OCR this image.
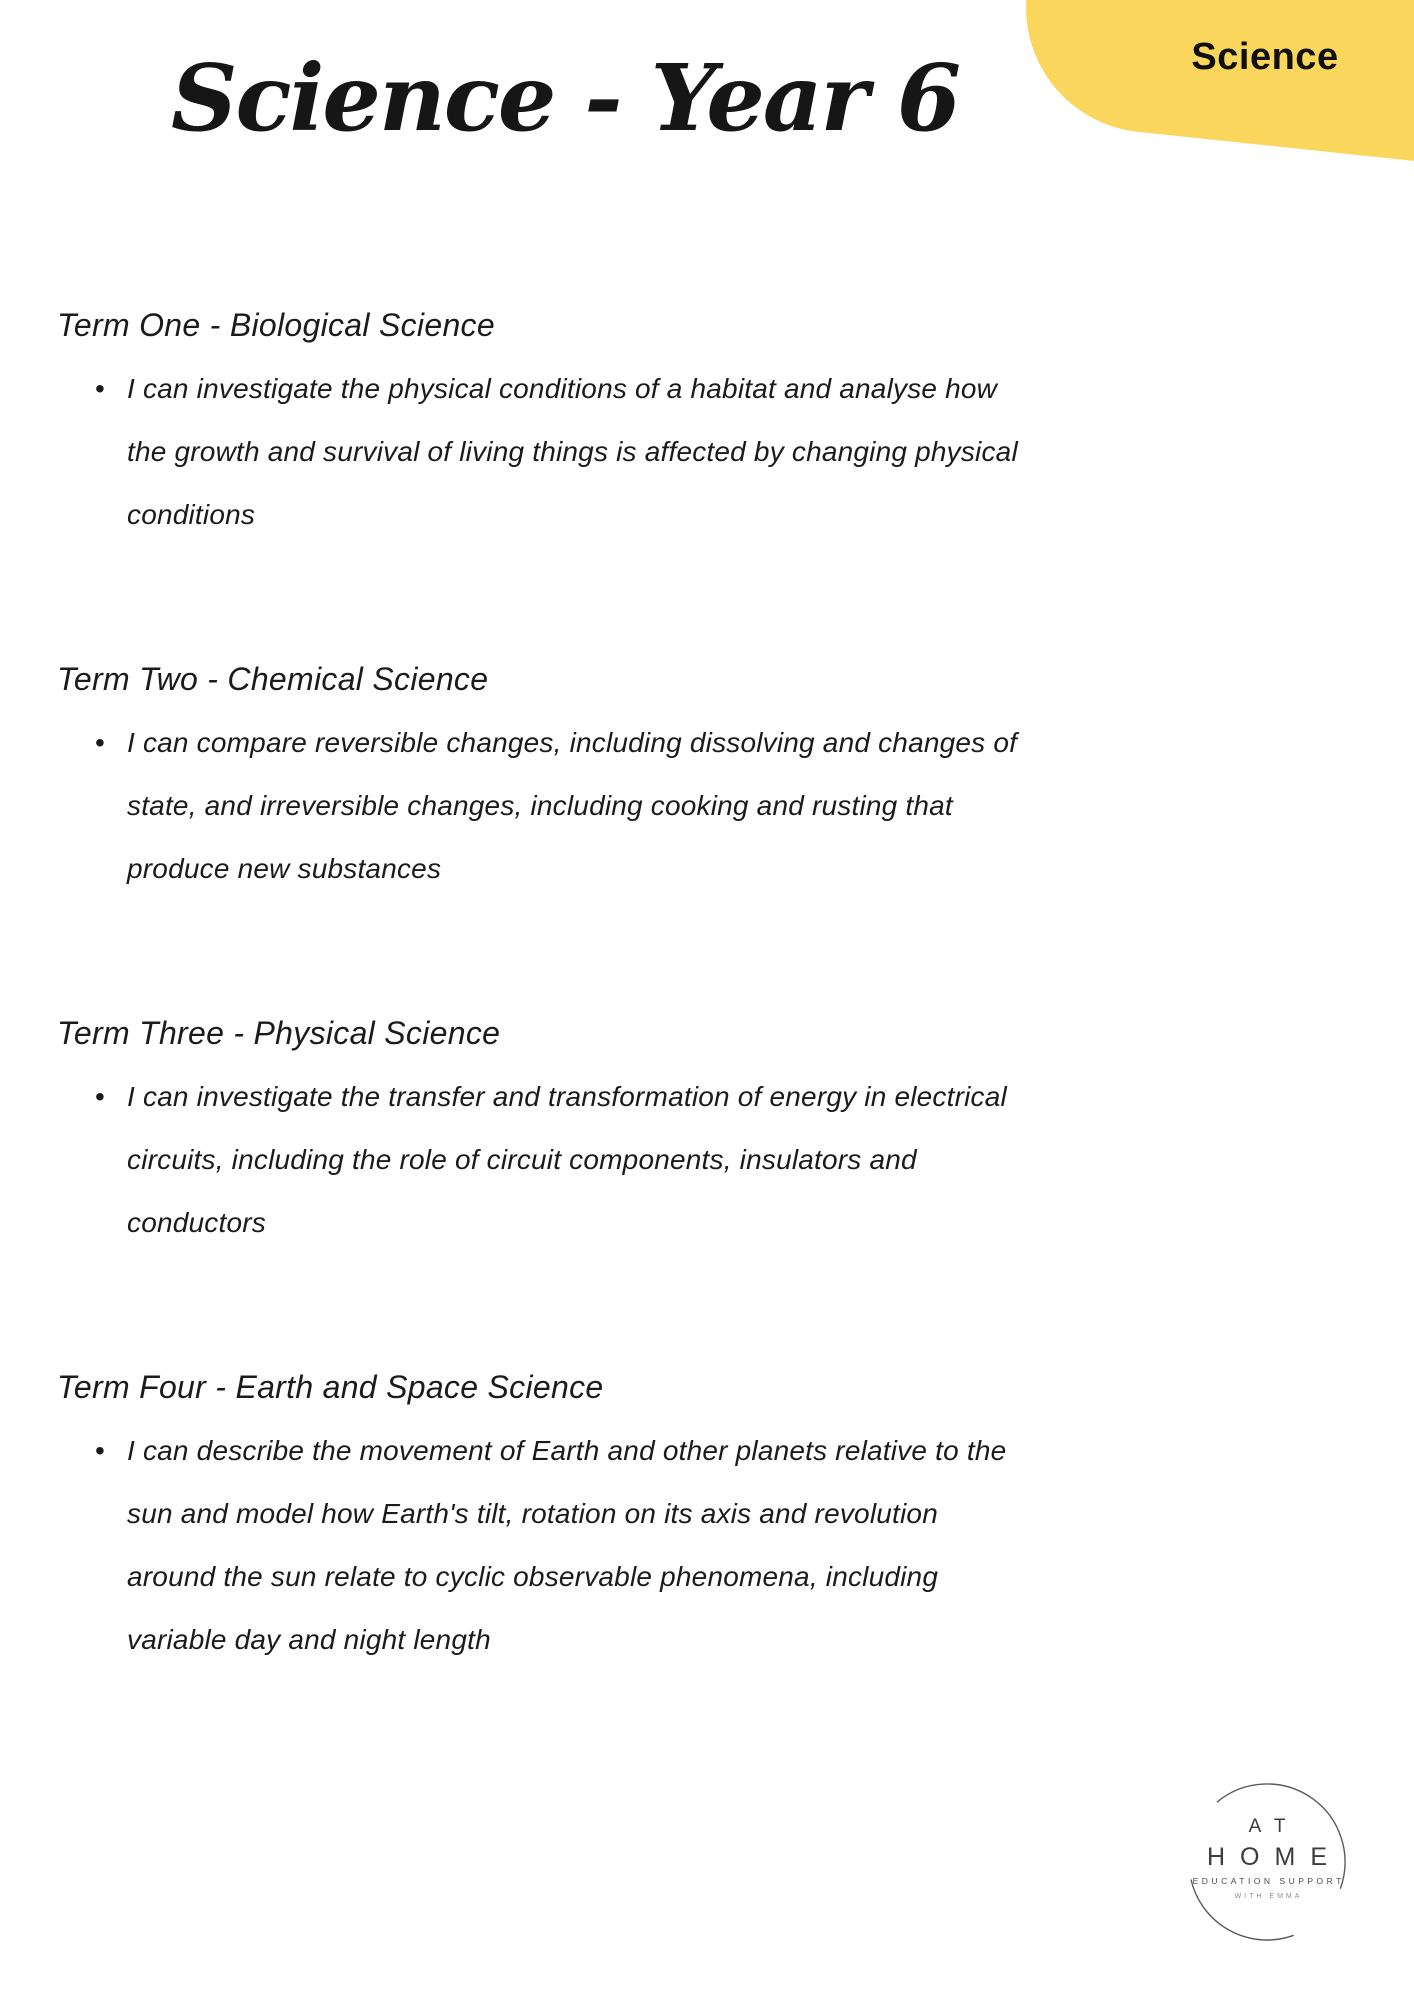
Science
Science - Year 6
Term One - Biological Science
• I can investigate the physical conditions of a habitat and analyse how the growth and survival of living things is affected by changing physical conditions
Term Two - Chemical Science
• I can compare reversible changes, including dissolving and changes of state, and irreversible changes, including cooking and rusting that produce new substances
Term Three - Physical Science
• I can investigate the transfer and transformation of energy in electrical circuits, including the role of circuit components, insulators and conductors
Term Four - Earth and Space Science
• I can describe the movement of Earth and other planets relative to the sun and model how Earth's tilt, rotation on its axis and revolution around the sun relate to cyclic observable phenomena, including variable day and night length
AT
HOME
EDUCATION SUPPORT
WITH EMMA
